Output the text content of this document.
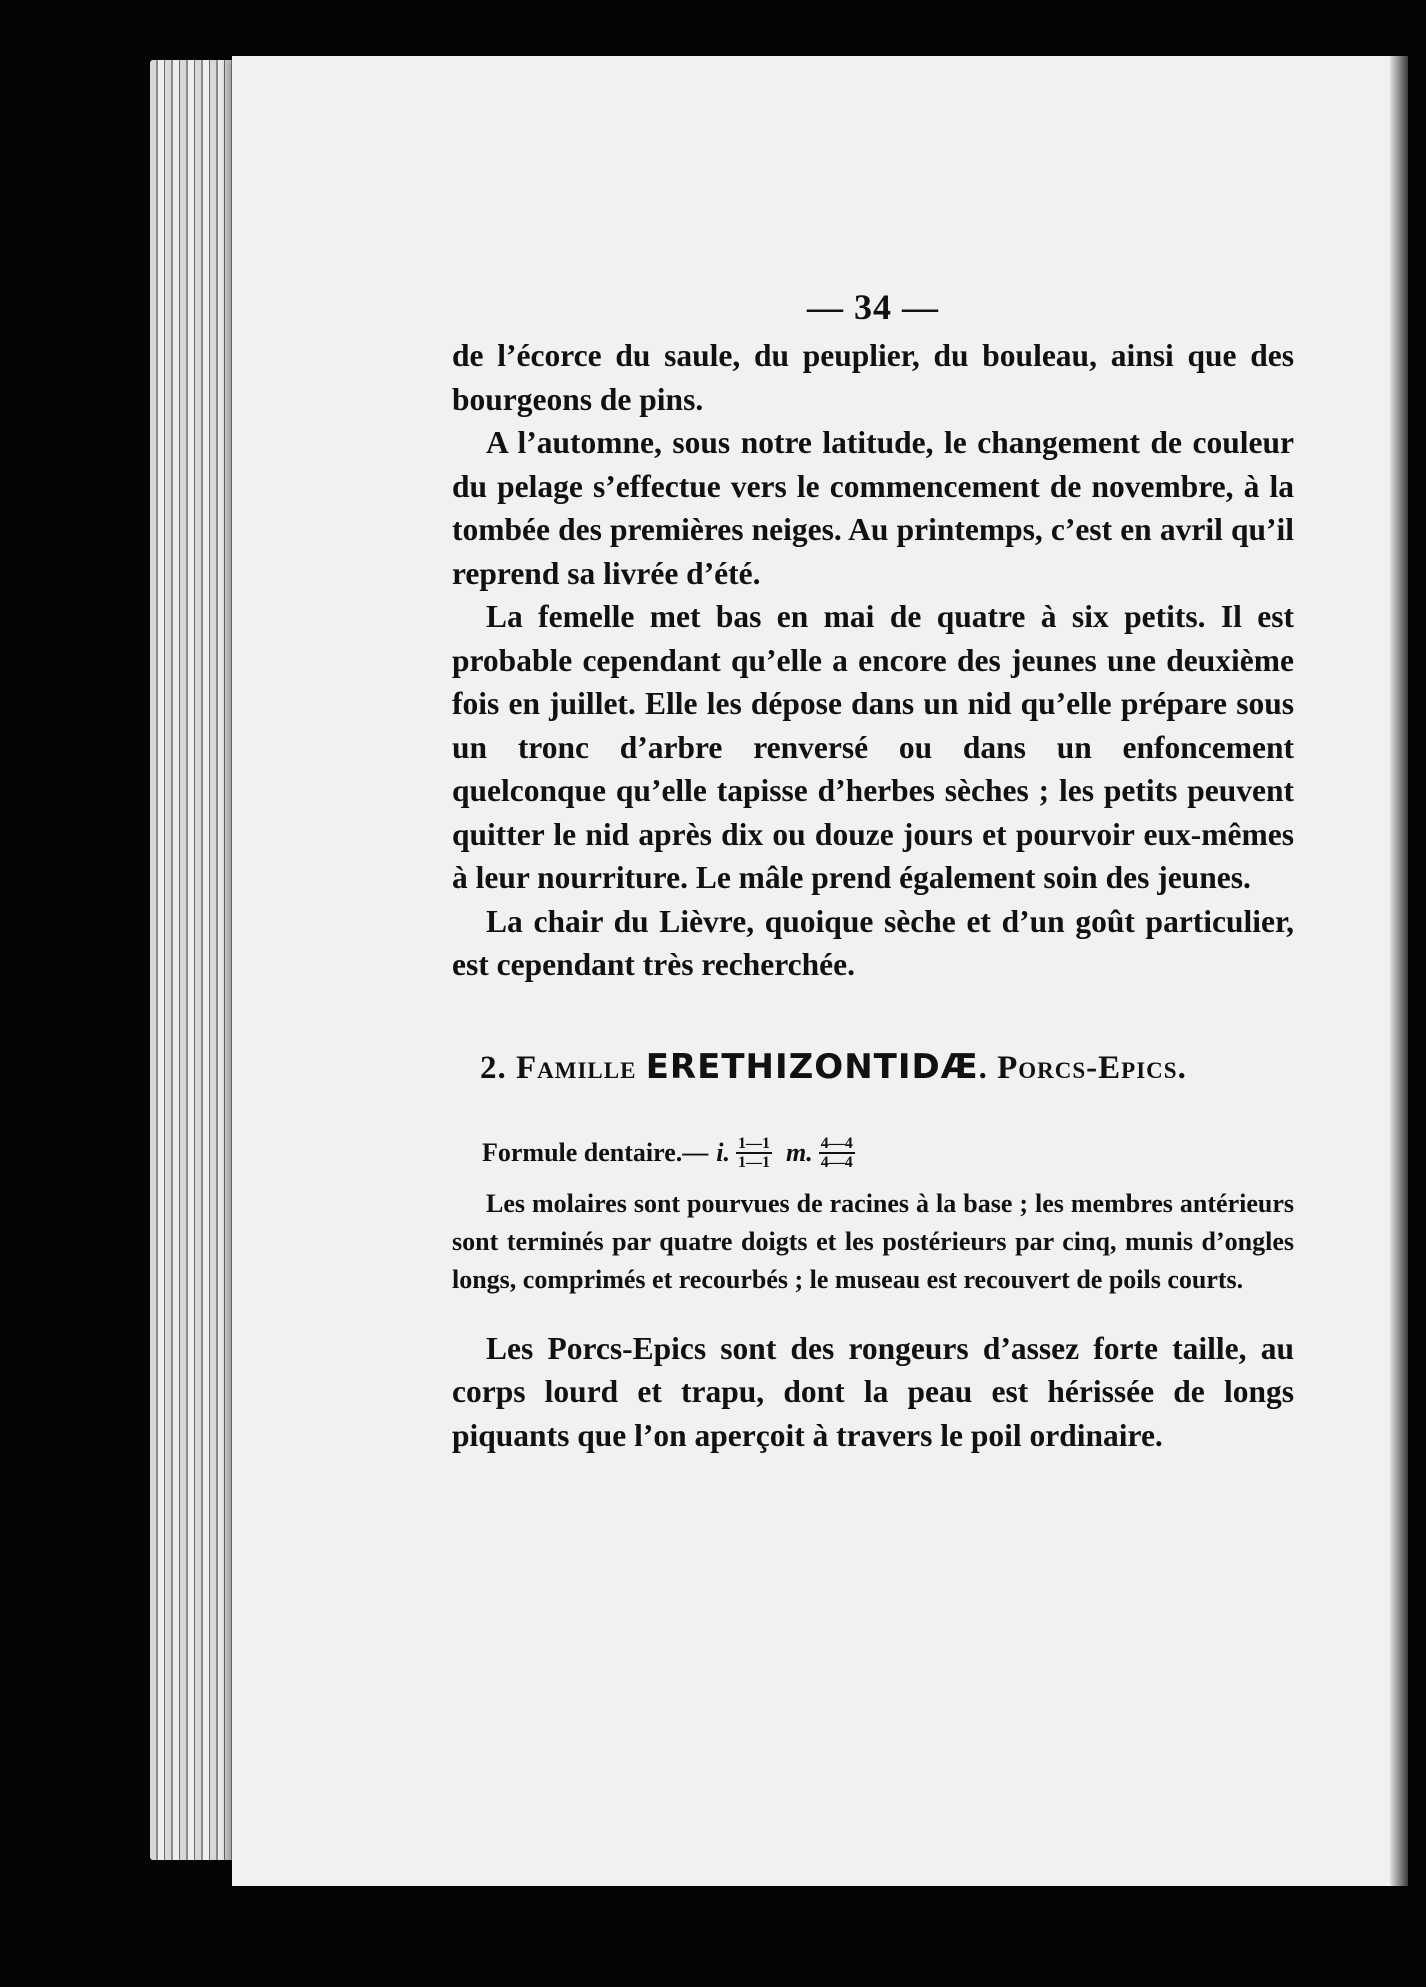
— 34 —

de l’écorce du saule, du peuplier, du bouleau, ainsi que des bourgeons de pins.

A l’automne, sous notre latitude, le changement de couleur du pelage s’effectue vers le commencement de novembre, à la tombée des premières neiges. Au printemps, c’est en avril qu’il reprend sa livrée d’été.

La femelle met bas en mai de quatre à six petits. Il est probable cependant qu’elle a encore des jeunes une deuxième fois en juillet. Elle les dépose dans un nid qu’elle prépare sous un tronc d’arbre renversé ou dans un enfoncement quelconque qu’elle tapisse d’herbes sèches ; les petits peuvent quitter le nid après dix ou douze jours et pourvoir eux-mêmes à leur nourriture. Le mâle prend également soin des jeunes.

La chair du Lièvre, quoique sèche et d’un goût particulier, est cependant très recherchée.

2. Famille ERETHIZONTIDÆ. Porcs-Epics.
Formule dentaire.— i. $\frac{1—1}{1—1} m$. $\frac{4—4}{4—4}$

Les molaires sont pourvues de racines à la base ; les membres antérieurs sont terminés par quatre doigts et les postérieurs par cinq, munis d’ongles longs, comprimés et recourbés ; le museau est recouvert de poils courts.

Les Porcs-Epics sont des rongeurs d’assez forte taille, au corps lourd et trapu, dont la peau est hérissée de longs piquants que l’on aperçoit à travers le poil ordinaire.
